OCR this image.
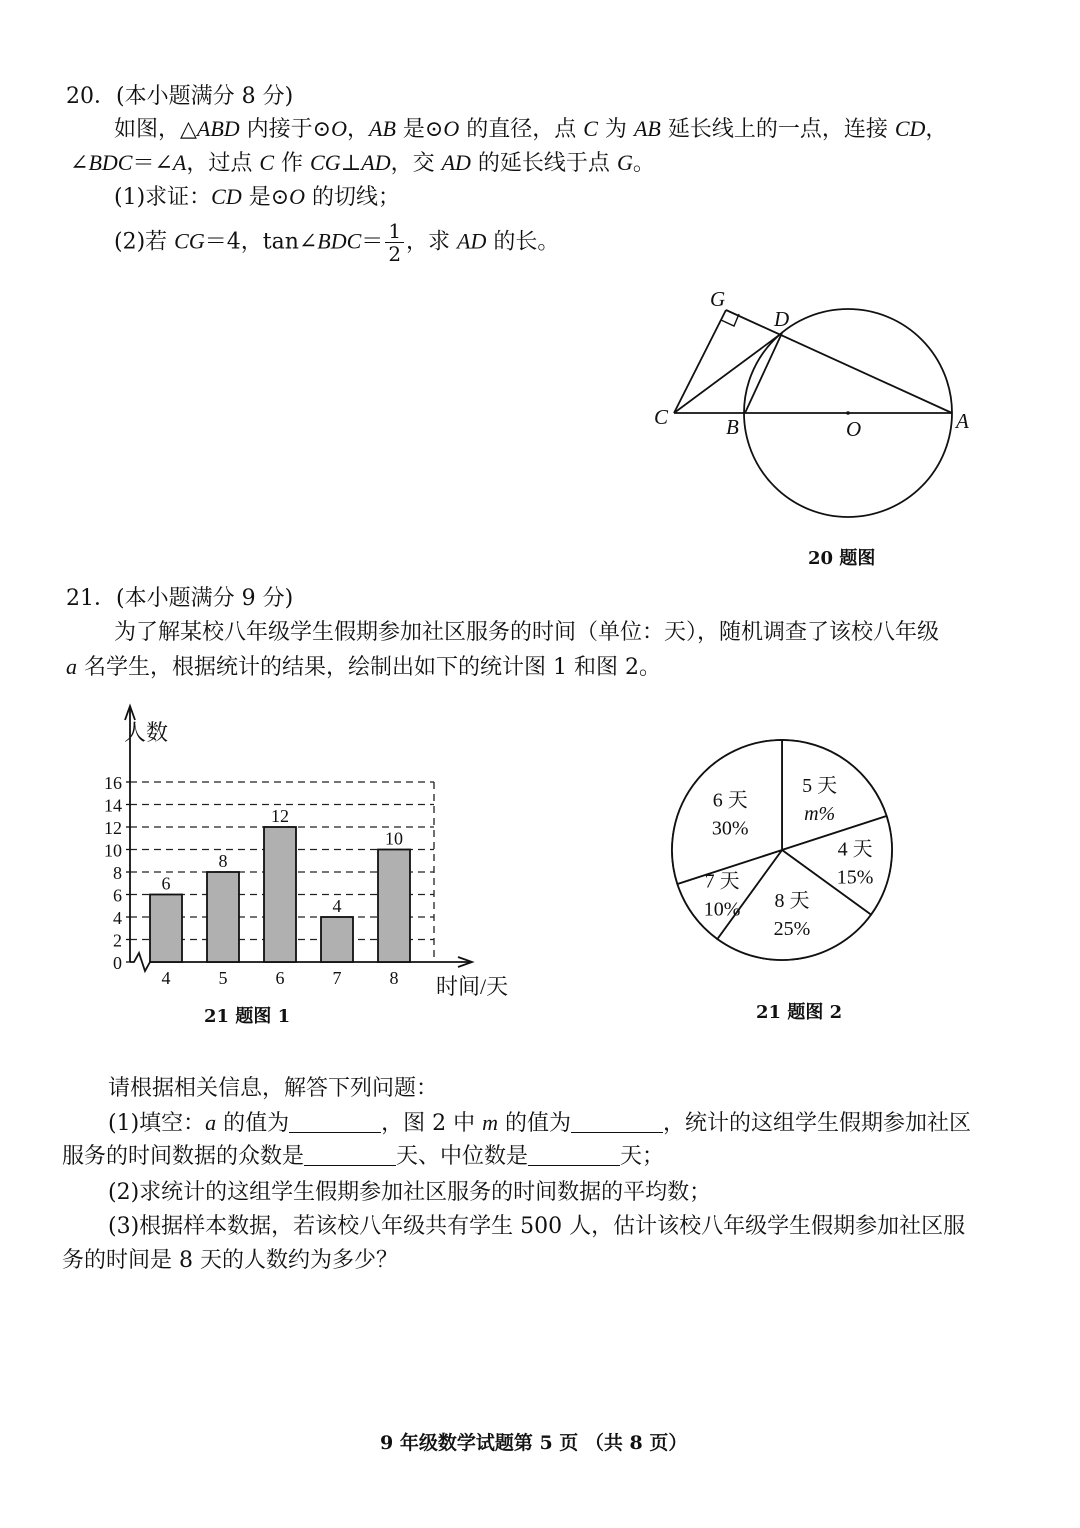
20．(本小题满分 8 分)
如图，△ABD 内接于⊙O，AB 是⊙O 的直径，点 C 为 AB 延长线上的一点，连接 CD，
∠BDC＝∠A，过点 C 作 CG⊥AD，交 AD 的延长线于点 G。
(1)求证：CD 是⊙O 的切线；
(2)若 CG＝4，tan∠BDC＝ $\frac{1}{2}$ ，求 AD 的长。
G
D
C	B	O	A
20 题图
21．(本小题满分 9 分)
为了解某校八年级学生假期参加社区服务的时间（单位：天），随机调查了该校八年级
a 名学生，根据统计的结果，绘制出如下的统计图 1 和图 2。
人数
时间/天
0
2
4
6
8
10
12
14
16
6
4
8
5
12
6
4
7
10
8
21 题图 1
5 天
m%
4 天
15%
8 天
25%
7 天
10%
6 天
30%
21 题图 2
请根据相关信息，解答下列问题：
(1)填空：a 的值为	，图 2 中 m 的值为	，统计的这组学生假期参加社区
服务的时间数据的众数是	天、中位数是	天；
(2)求统计的这组学生假期参加社区服务的时间数据的平均数；
(3)根据样本数据，若该校八年级共有学生 500 人，估计该校八年级学生假期参加社区服
务的时间是 8 天的人数约为多少？
9 年级数学试题第 5 页 （共 8 页）
